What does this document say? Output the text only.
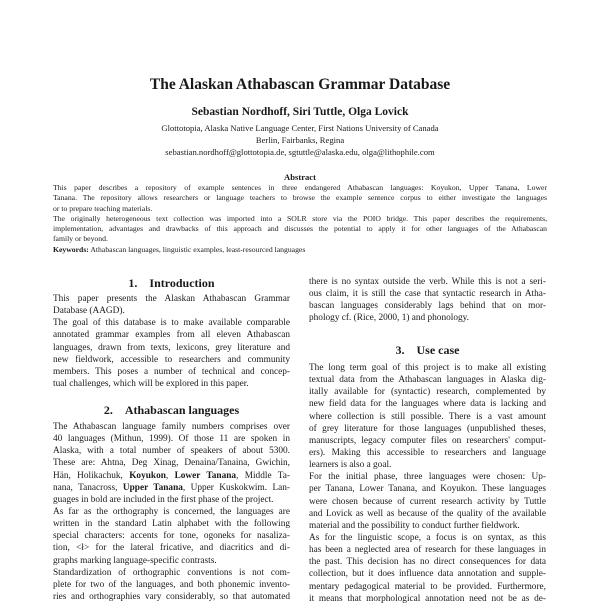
The Alaskan Athabascan Grammar Database
Sebastian Nordhoff, Siri Tuttle, Olga Lovick
Glottotopia, Alaska Native Language Center, First Nations University of Canada
Berlin, Fairbanks, Regina
sebastian.nordhoff@glottotopia.de, sgtuttle@alaska.edu, olga@lithophile.com
Abstract
This paper describes a repository of example sentences in three endangered Athabascan languages: Koyukon, Upper Tanana, Lower
Tanana. The repository allows researchers or language teachers to browse the example sentence corpus to either investigate the languages
or to prepare teaching materials.
The originally heterogeneous text collection was imported into a SOLR store via the POIO bridge. This paper describes the requirements,
implementation, advantages and drawbacks of this approach and discusses the potential to apply it for other languages of the Athabascan
family or beyond.
Keywords: Athabascan languages, linguistic examples, least-resourced languages
1. Introduction
This paper presents the Alaskan Athabascan Grammar
Database (AAGD).
The goal of this database is to make available comparable
annotated grammar examples from all eleven Athabascan
languages, drawn from texts, lexicons, grey literature and
new fieldwork, accessible to researchers and community
members. This poses a number of technical and concep-
tual challenges, which will be explored in this paper.
2. Athabascan languages
The Athabascan language family numbers comprises over
40 languages (Mithun, 1999). Of those 11 are spoken in
Alaska, with a total number of speakers of about 5300.
These are: Ahtna, Deg Xinag, Denaina/Tanaina, Gwichin,
Hän, Holikachuk, Koyukon, Lower Tanana, Middle Ta-
nana, Tanacross, Upper Tanana, Upper Kuskokwim. Lan-
guages in bold are included in the first phase of the project.
As far as the orthography is concerned, the languages are
written in the standard Latin alphabet with the following
special characters: accents for tone, ogoneks for nasaliza-
tion, <ł> for the lateral fricative, and diacritics and di-
graphs marking language-specific contrasts.
Standardization of orthographic conventions is not com-
plete for two of the languages, and both phonemic invento-
ries and orthographies vary considerably, so that automated
there is no syntax outside the verb. While this is not a seri-
ous claim, it is still the case that syntactic research in Atha-
bascan languages considerably lags behind that on mor-
phology cf. (Rice, 2000, 1) and phonology.
3. Use case
The long term goal of this project is to make all existing
textual data from the Athabascan languages in Alaska dig-
itally available for (syntactic) research, complemented by
new field data for the languages where data is lacking and
where collection is still possible. There is a vast amount
of grey literature for those languages (unpublished theses,
manuscripts, legacy computer files on researchers' comput-
ers). Making this accessible to researchers and language
learners is also a goal.
For the initial phase, three languages were chosen: Up-
per Tanana, Lower Tanana, and Koyukon. These languages
were chosen because of current research activity by Tuttle
and Lovick as well as because of the quality of the available
material and the possibility to conduct further fieldwork.
As for the linguistic scope, a focus is on syntax, as this
has been a neglected area of research for these languages in
the past. This decision has no direct consequences for data
collection, but it does influence data annotation and supple-
mentary pedagogical material to be provided. Furthermore,
it means that morphological annotation need not be as de-
